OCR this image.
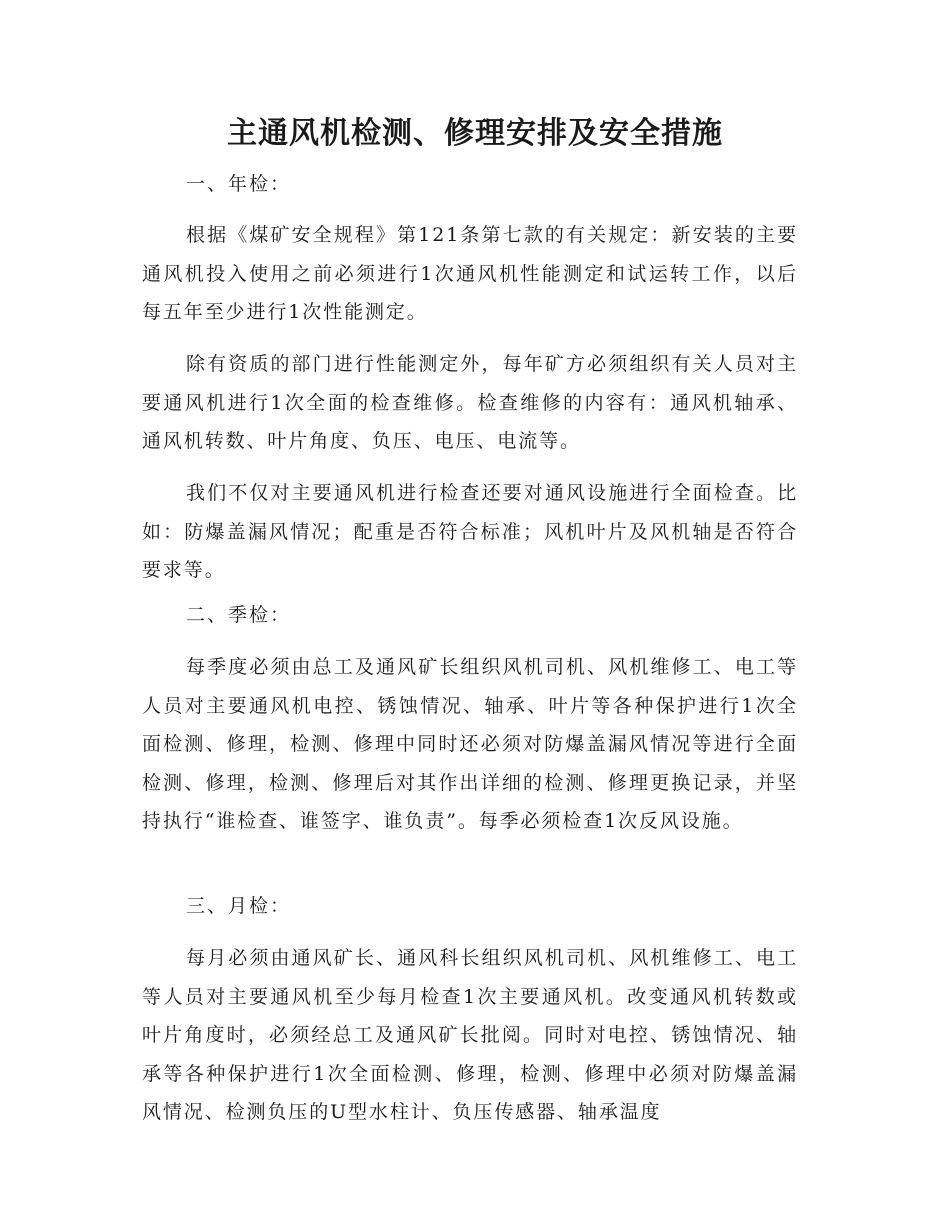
主通风机检测、修理安排及安全措施

一、年检：

根据《煤矿安全规程》第121条第七款的有关规定：新安装的主要通风机投入使用之前必须进行1次通风机性能测定和试运转工作，以后每五年至少进行1次性能测定。

除有资质的部门进行性能测定外，每年矿方必须组织有关人员对主要通风机进行1次全面的检查维修。检查维修的内容有：通风机轴承、通风机转数、叶片角度、负压、电压、电流等。

我们不仅对主要通风机进行检查还要对通风设施进行全面检查。比如：防爆盖漏风情况；配重是否符合标准；风机叶片及风机轴是否符合要求等。

二、季检：

每季度必须由总工及通风矿长组织风机司机、风机维修工、电工等人员对主要通风机电控、锈蚀情况、轴承、叶片等各种保护进行1次全面检测、修理，检测、修理中同时还必须对防爆盖漏风情况等进行全面检测、修理，检测、修理后对其作出详细的检测、修理更换记录，并坚持执行“谁检查、谁签字、谁负责”。每季必须检查1次反风设施。

三、月检：

每月必须由通风矿长、通风科长组织风机司机、风机维修工、电工等人员对主要通风机至少每月检查1次主要通风机。改变通风机转数或叶片角度时，必须经总工及通风矿长批阅。同时对电控、锈蚀情况、轴承等各种保护进行1次全面检测、修理，检测、修理中必须对防爆盖漏风情况、检测负压的U型水柱计、负压传感器、轴承温度
